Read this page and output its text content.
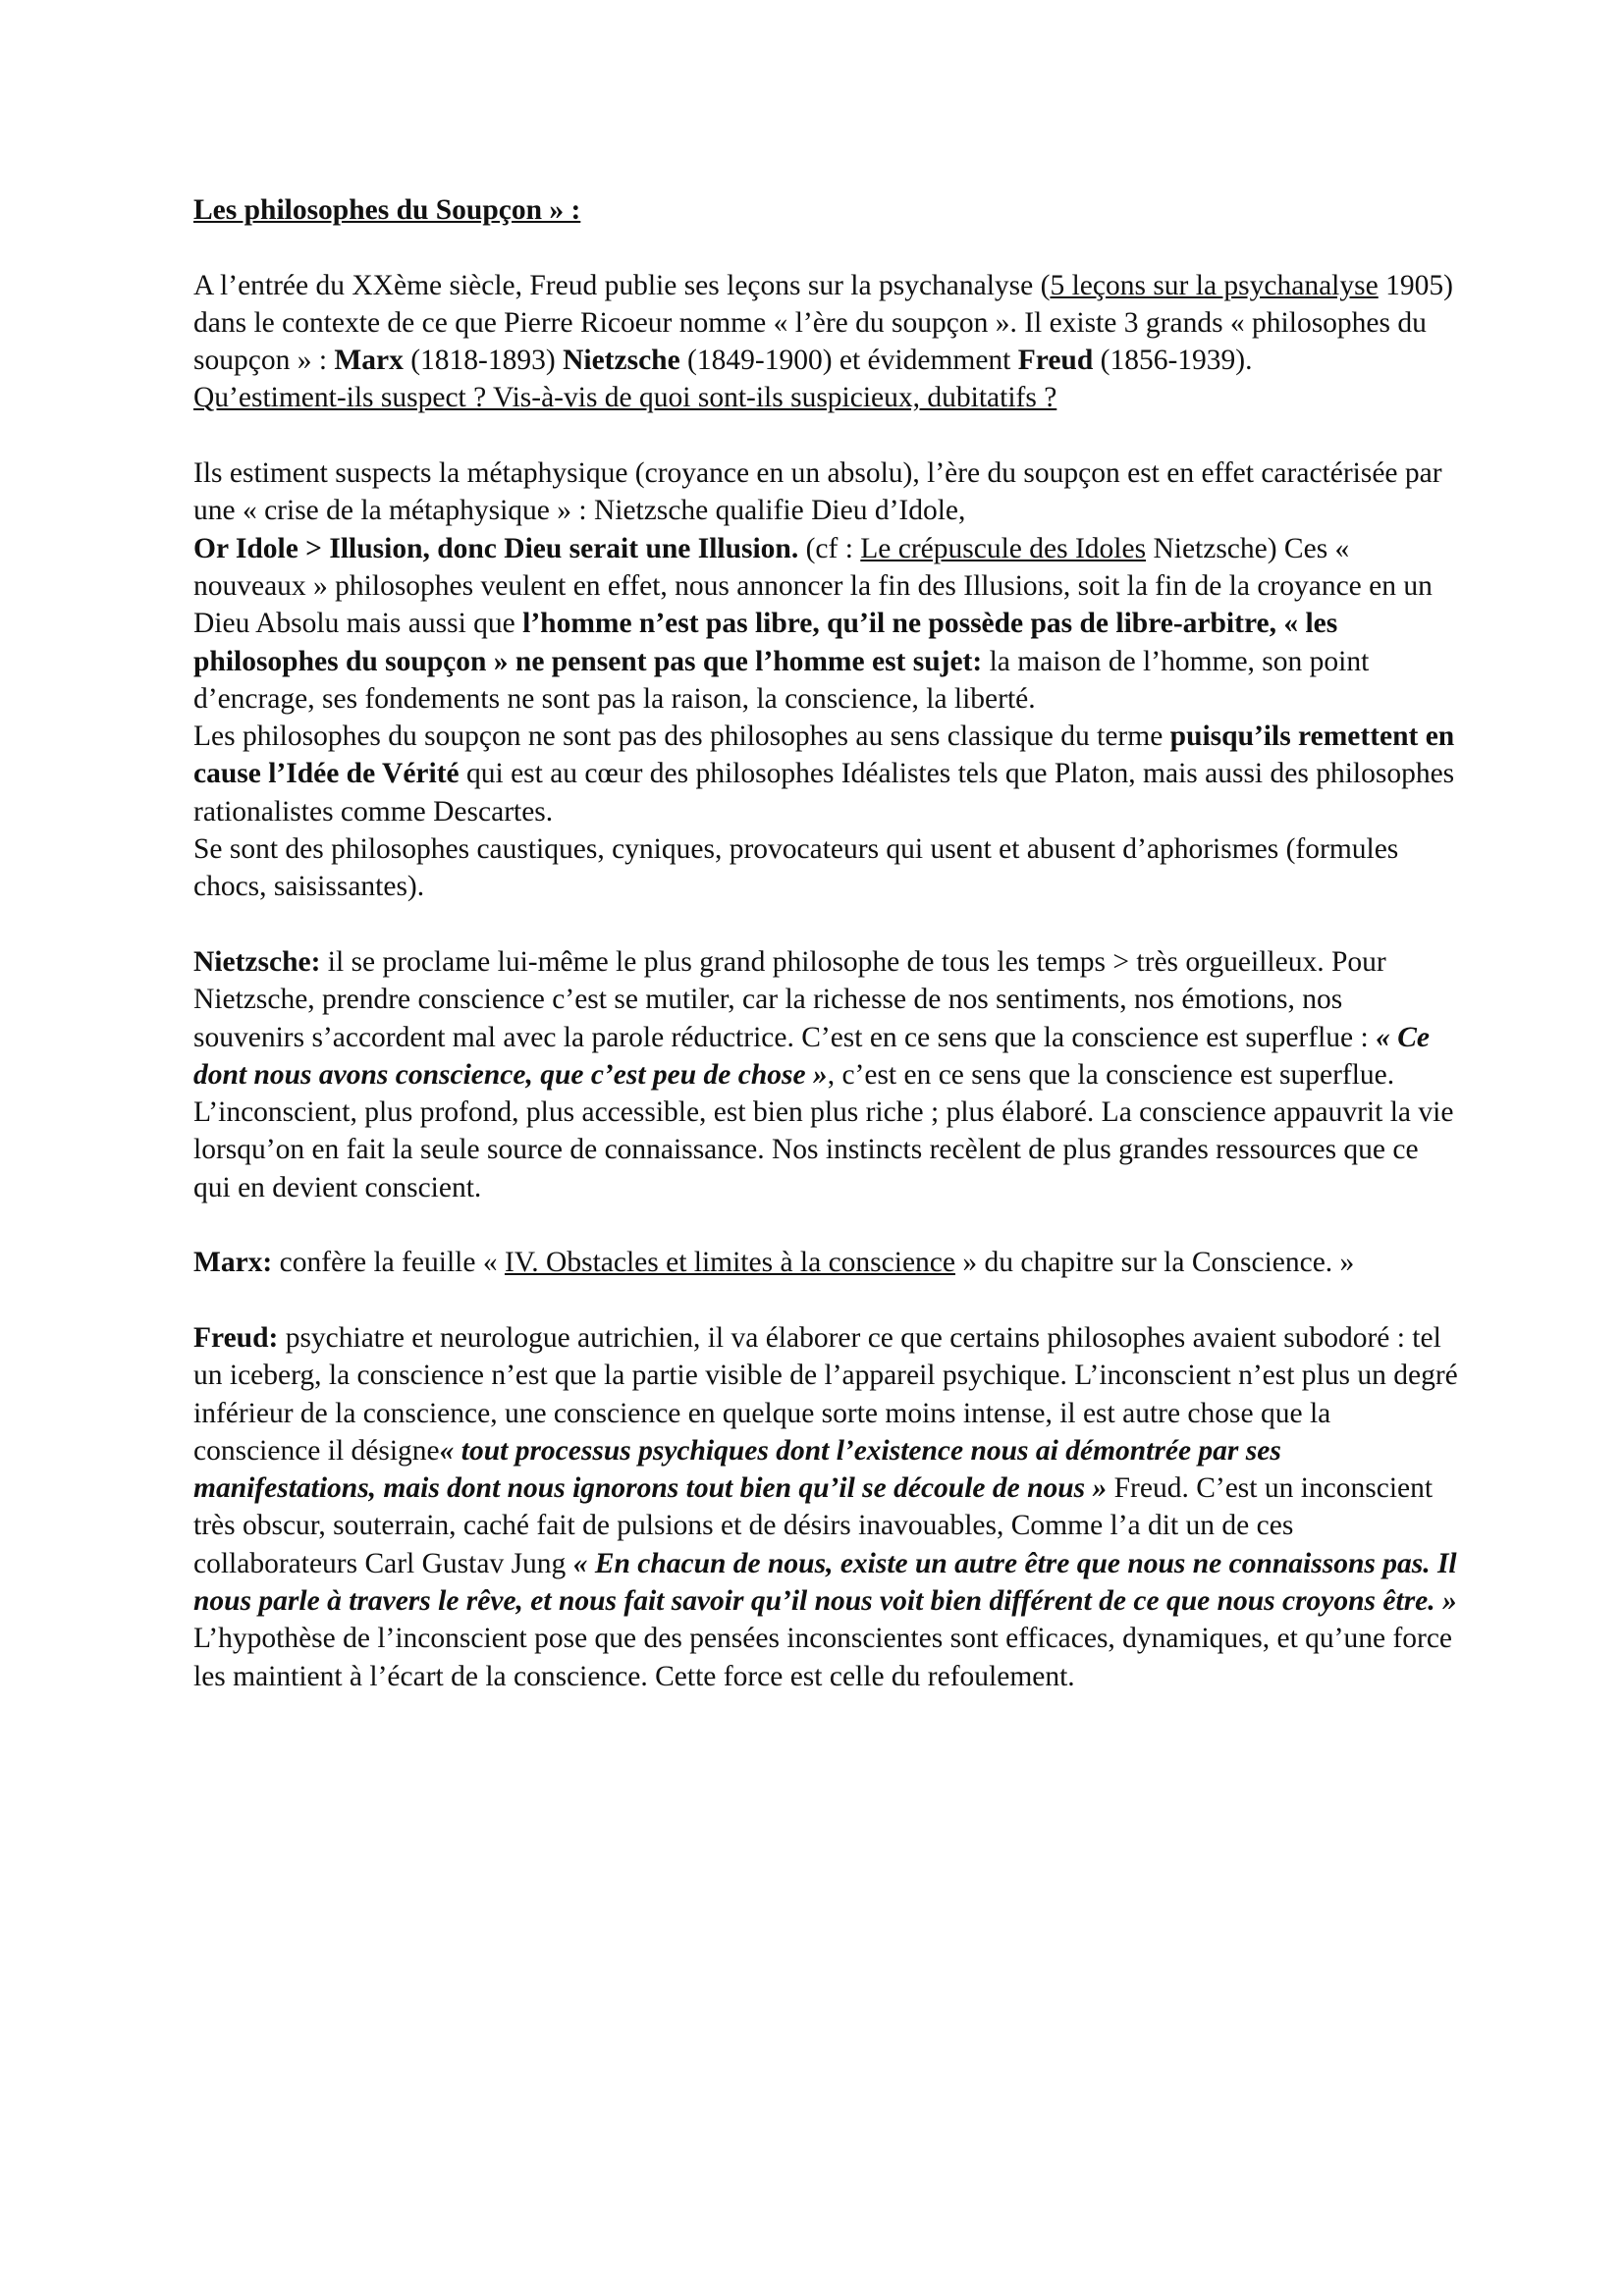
Les philosophes du Soupçon » :

A l’entrée du XXème siècle, Freud publie ses leçons sur la psychanalyse (5 leçons sur la psychanalyse 1905) dans le contexte de ce que Pierre Ricoeur nomme « l’ère du soupçon ». Il existe 3 grands « philosophes du soupçon » : Marx (1818-1893) Nietzsche (1849-1900) et évidemment Freud (1856-1939).

Qu’estiment-ils suspect ? Vis-à-vis de quoi sont-ils suspicieux, dubitatifs ?

Ils estiment suspects la métaphysique (croyance en un absolu), l’ère du soupçon est en effet caractérisée par une « crise de la métaphysique » : Nietzsche qualifie Dieu d’Idole,
Or Idole > Illusion, donc Dieu serait une Illusion. (cf : Le crépuscule des Idoles Nietzsche) Ces « nouveaux » philosophes veulent en effet, nous annoncer la fin des Illusions, soit la fin de la croyance en un Dieu Absolu mais aussi que l’homme n’est pas libre, qu’il ne possède pas de libre-arbitre, « les philosophes du soupçon » ne pensent pas que l’homme est sujet: la maison de l’homme, son point d’encrage, ses fondements ne sont pas la raison, la conscience, la liberté.

Les philosophes du soupçon ne sont pas des philosophes au sens classique du terme puisqu’ils remettent en cause l’Idée de Vérité qui est au cœur des philosophes Idéalistes tels que Platon, mais aussi des philosophes rationalistes comme Descartes.

Se sont des philosophes caustiques, cyniques, provocateurs qui usent et abusent d’aphorismes (formules chocs, saisissantes).

Nietzsche: il se proclame lui-même le plus grand philosophe de tous les temps > très orgueilleux. Pour Nietzsche, prendre conscience c’est se mutiler, car la richesse de nos sentiments, nos émotions, nos souvenirs s’accordent mal avec la parole réductrice. C’est en ce sens que la conscience est superflue : « Ce dont nous avons conscience, que c’est peu de chose », c’est en ce sens que la conscience est superflue. L’inconscient, plus profond, plus accessible, est bien plus riche ; plus élaboré. La conscience appauvrit la vie lorsqu’on en fait la seule source de connaissance. Nos instincts recèlent de plus grandes ressources que ce qui en devient conscient.

Marx: confère la feuille « IV. Obstacles et limites à la conscience » du chapitre sur la Conscience. »

Freud: psychiatre et neurologue autrichien, il va élaborer ce que certains philosophes avaient subodoré : tel un iceberg, la conscience n’est que la partie visible de l’appareil psychique. L’inconscient n’est plus un degré inférieur de la conscience, une conscience en quelque sorte moins intense, il est autre chose que la conscience il désigne« tout processus psychiques dont l’existence nous ai démontrée par ses manifestations, mais dont nous ignorons tout bien qu’il se découle de nous » Freud. C’est un inconscient très obscur, souterrain, caché fait de pulsions et de désirs inavouables, Comme l’a dit un de ces collaborateurs Carl Gustav Jung « En chacun de nous, existe un autre être que nous ne connaissons pas. Il nous parle à travers le rêve, et nous fait savoir qu’il nous voit bien différent de ce que nous croyons être. » L’hypothèse de l’inconscient pose que des pensées inconscientes sont efficaces, dynamiques, et qu’une force les maintient à l’écart de la conscience. Cette force est celle du refoulement.
